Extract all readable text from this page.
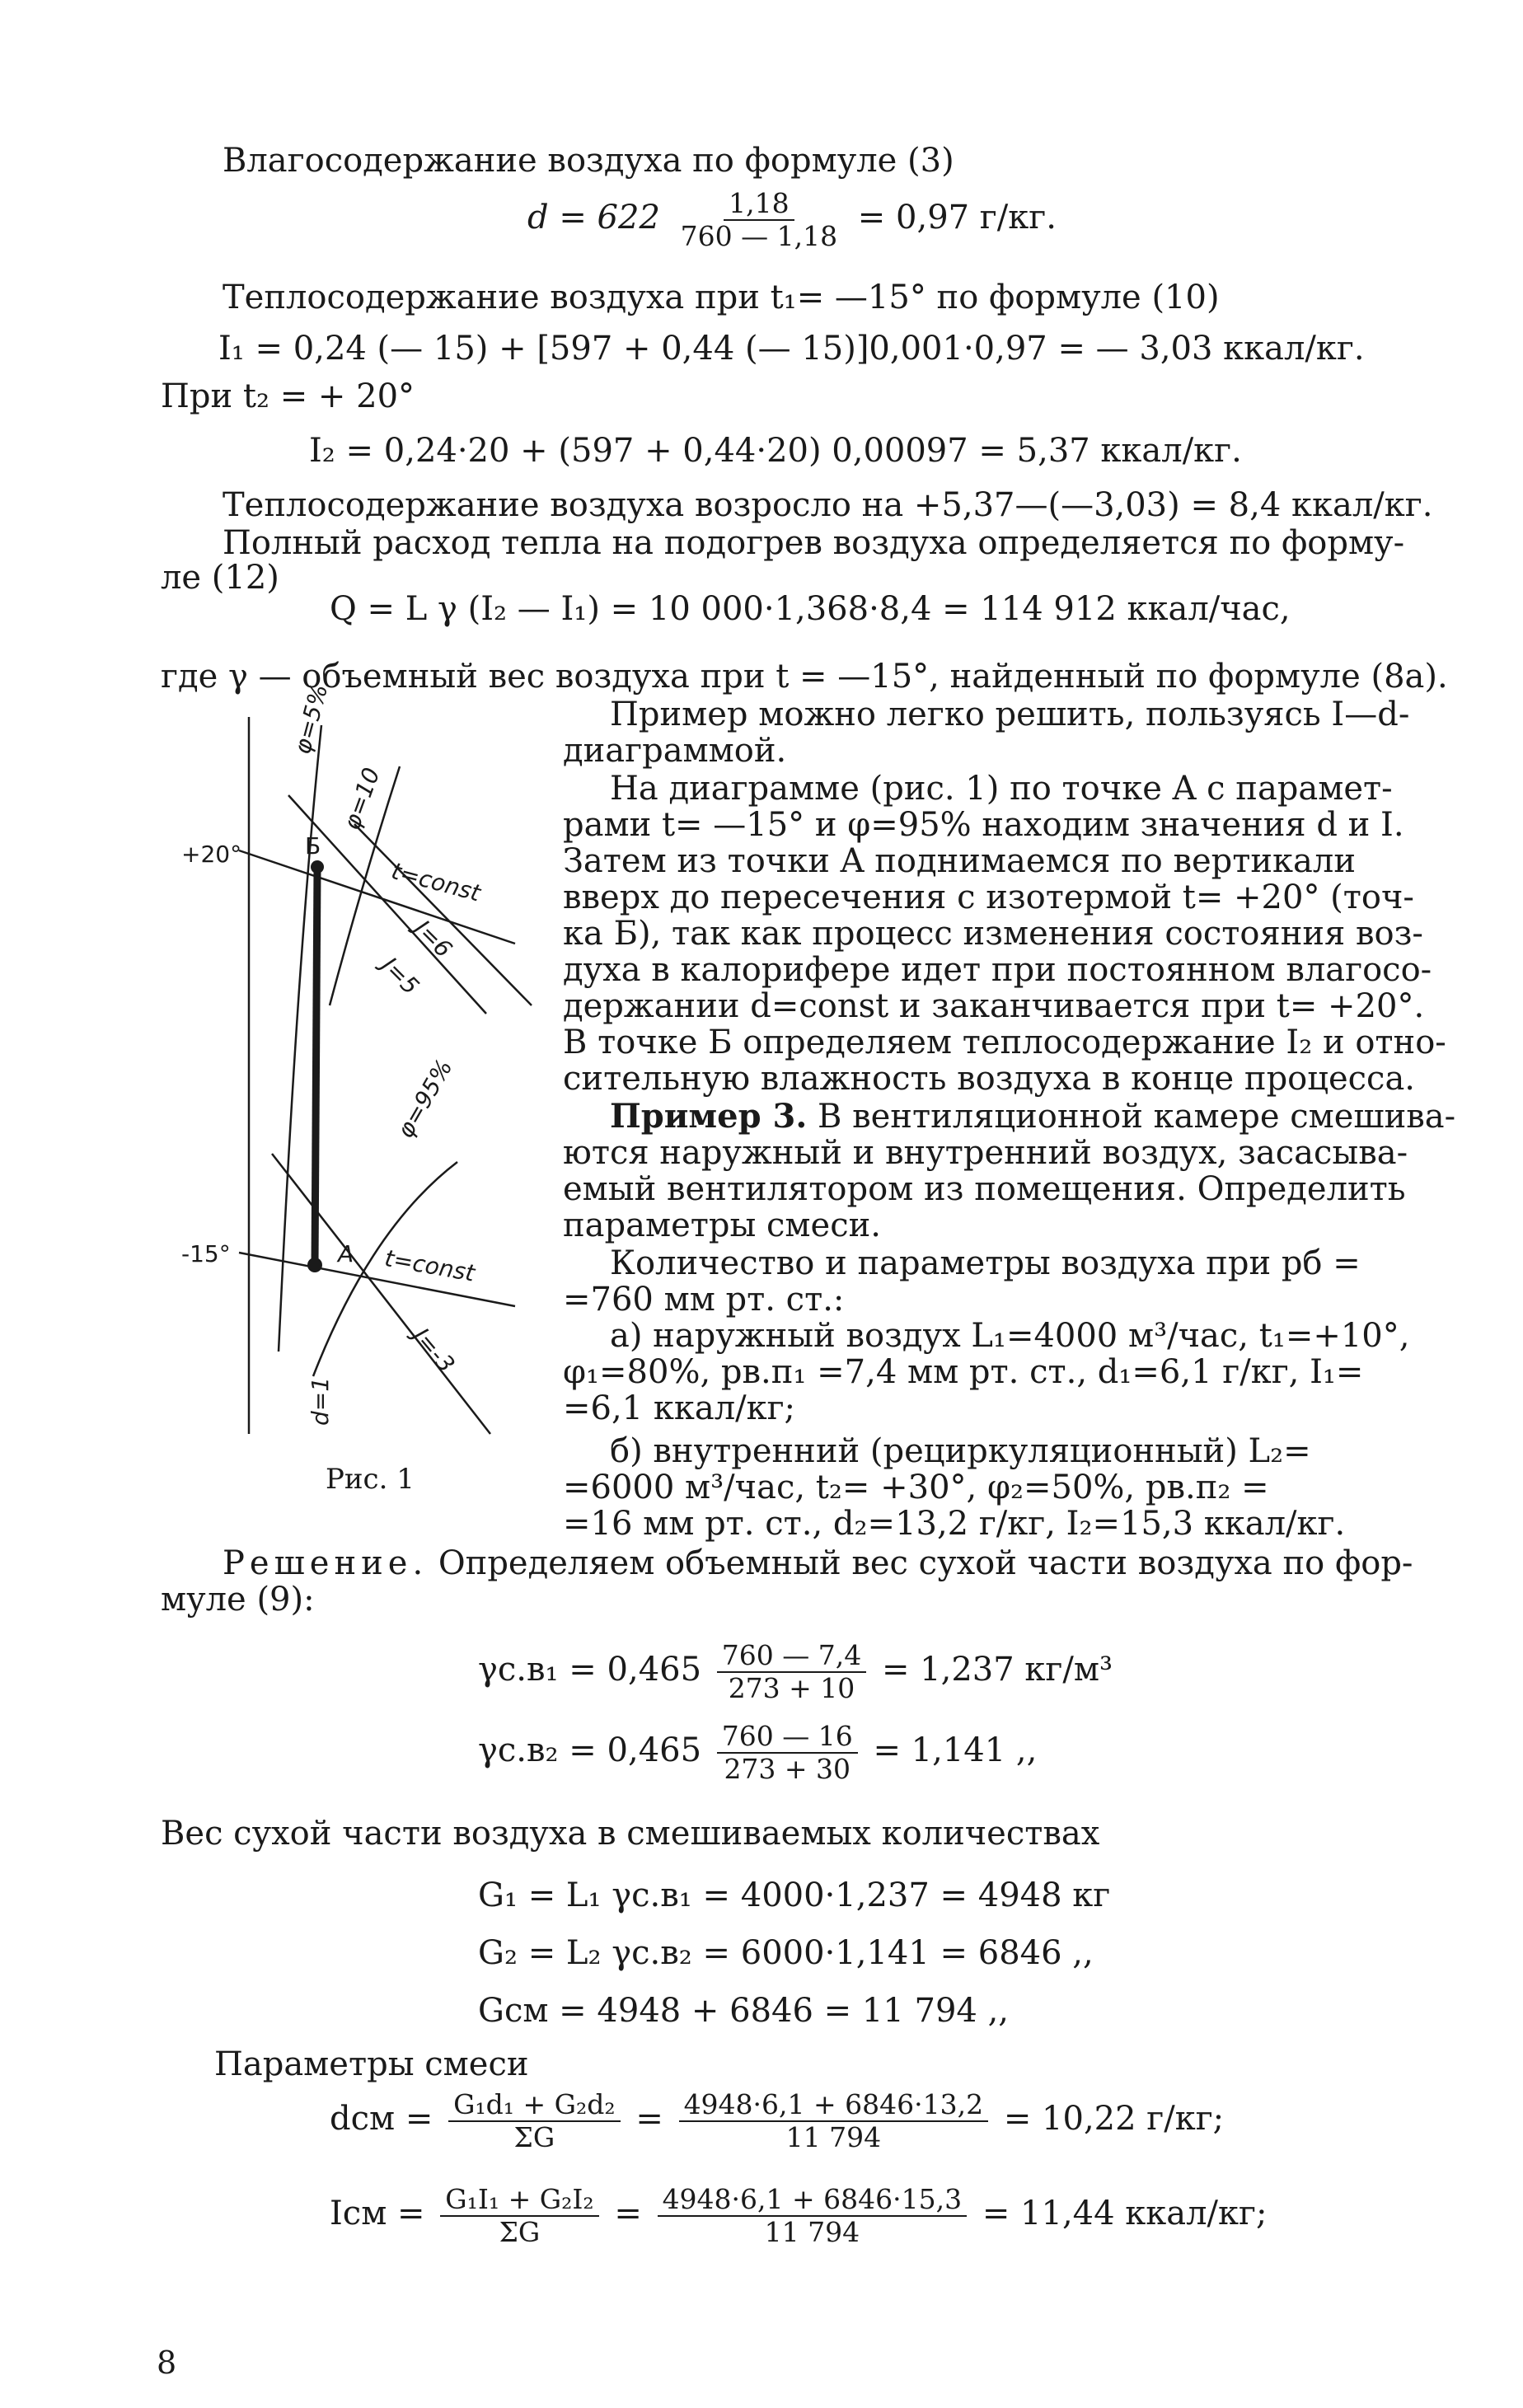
Влагосодержание воздуха по формуле (3)
$d = 622 \frac{1,18}{760 — 1,18} = 0,97$ г/кг.
Теплосодержание воздуха при t₁= —15° по формуле (10)
I₁ = 0,24 (— 15) + [597 + 0,44 (— 15)]0,001·0,97 = — 3,03 ккал/кг.
При t₂ = + 20°
I₂ = 0,24·20 + (597 + 0,44·20) 0,00097 = 5,37 ккал/кг.
Теплосодержание воздуха возросло на +5,37—(—3,03) = 8,4 ккал/кг.
Полный расход тепла на подогрев воздуха определяется по форму-
ле (12)
Q = L γ (I₂ — I₁) = 10 000·1,368·8,4 = 114 912 ккал/час,
где γ — объемный вес воздуха при t = —15°, найденный по формуле (8а).
+20°
-15°
φ=5%
φ=10
Б
t=const
J=6
J=5
φ=95%
A t=const
J=-3
d=1
Рис. 1
Пример можно легко решить, пользуясь I—d-
диаграммой.
На диаграмме (рис. 1) по точке A с парамет-
рами t= —15° и φ=95% находим значения d и I.
Затем из точки A поднимаемся по вертикали
вверх до пересечения с изотермой t= +20° (точ-
ка Б), так как процесс изменения состояния воз-
духа в калорифере идет при постоянном влагосо-
держании d=const и заканчивается при t= +20°.
В точке Б определяем теплосодержание I₂ и отно-
сительную влажность воздуха в конце процесса.
Пример 3. В вентиляционной камере смешива-
ются наружный и внутренний воздух, засасыва-
емый вентилятором из помещения. Определить
параметры смеси.
Количество и параметры воздуха при pб =
=760 мм рт. ст.:
а) наружный воздух L₁=4000 м³/час, t₁=+10°,
φ₁=80%, pв.п₁ =7,4 мм рт. ст., d₁=6,1 г/кг, I₁=
=6,1 ккал/кг;
б) внутренний (рециркуляционный) L₂=
=6000 м³/час, t₂= +30°, φ₂=50%, pв.п₂ =
=16 мм рт. ст., d₂=13,2 г/кг, I₂=15,3 ккал/кг.
Решение. Определяем объемный вес сухой части воздуха по фор-
муле (9):
$\gamma с.в_1 = 0,465 \frac{760 — 7,4}{273 + 10} = 1,237$ кг/м³
$\gamma с.в_2 = 0,465 \frac{760 — 16}{273 + 30} = 1,141$ ,,
Вес сухой части воздуха в смешиваемых количествах
G₁ = L₁ γс.в₁ = 4000·1,237 = 4948 кг
G₂ = L₂ γс.в₂ = 6000·1,141 = 6846 ,,
Gсм = 4948 + 6846 = 11 794 ,,
Параметры смеси
dсм = $\frac{\text{G₁d₁ + G₂d₂}}{\Sigma G} = \frac{4948\cdot 6,1 + 6846\cdot 13,2}{11 794} = 10,22$ г/кг;
Iсм = $\frac{\text{G₁I₁ + G₂I₂}}{\Sigma G} = \frac{4948\cdot 6,1 + 6846\cdot 15,3}{11 794} = 11,44$ ккал/кг;
8
